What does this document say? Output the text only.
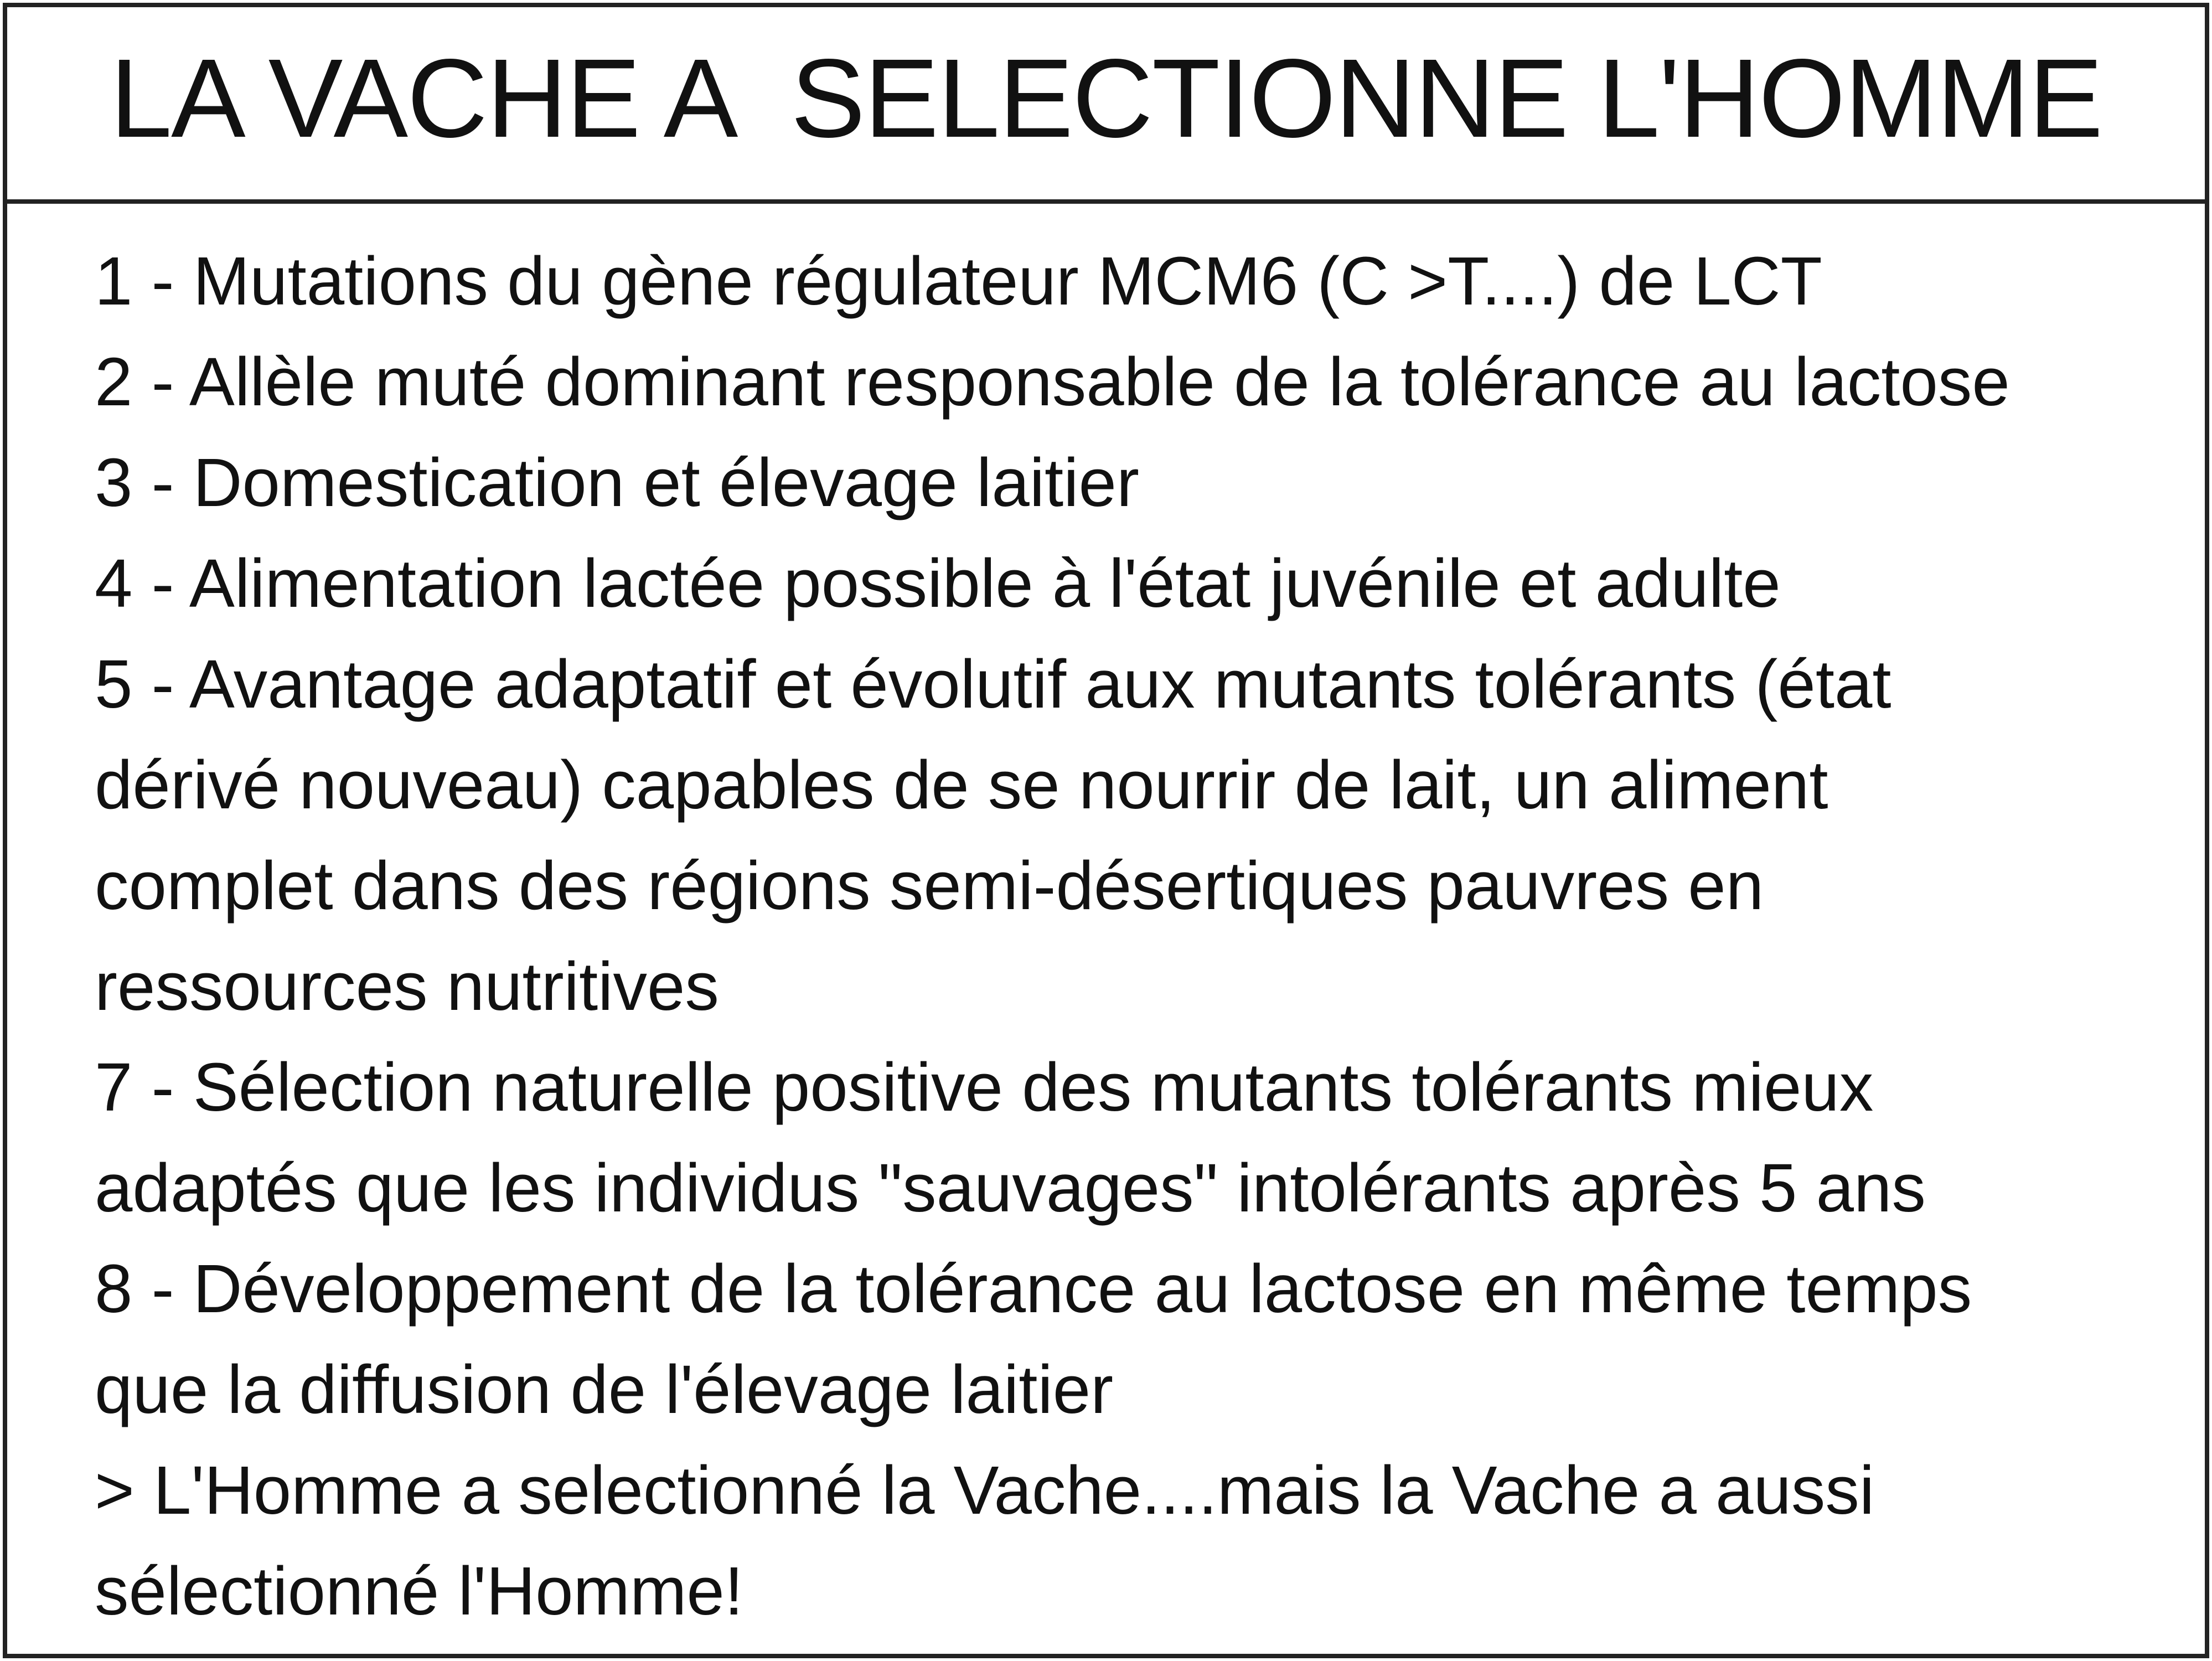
LA VACHE A  SELECTIONNE L'HOMME

1 - Mutations du gène régulateur MCM6 (C >T....) de LCT

2 - Allèle muté dominant responsable de la tolérance au lactose

3 - Domestication et élevage laitier

4 - Alimentation lactée possible à l'état juvénile et adulte

5 - Avantage adaptatif et évolutif aux mutants tolérants (état

dérivé nouveau) capables de se nourrir de lait, un aliment

complet dans des régions semi-désertiques pauvres en

ressources nutritives

7 - Sélection naturelle positive des mutants tolérants mieux

adaptés que les individus "sauvages" intolérants après 5 ans

8 - Développement de la tolérance au lactose en même temps

que la diffusion de l'élevage laitier

> L'Homme a selectionné la Vache....mais la Vache a aussi

sélectionné l'Homme!
